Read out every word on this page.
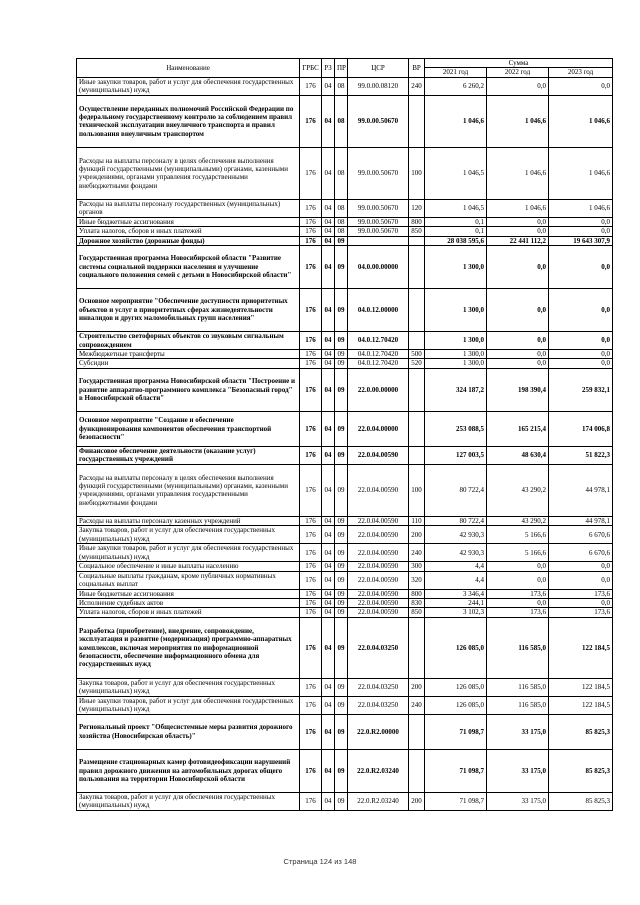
Наименование	ГРБС	РЗ	ПР	ЦСР	ВР	Сумма		
						2021 год	2022 год	2023 год
Иные закупки товаров, работ и услуг для обеспечения государственных (муниципальных) нужд	176	04	08	99.0.00.08120	240	6 260,2	0,0	0,0
Осуществление переданных полномочий Российской Федерации по федеральному государственному контролю за соблюдением правил технической эксплуатации внеуличного транспорта и правил пользования внеуличным транспортом	176	04	08	99.0.00.50670		1 046,6	1 046,6	1 046,6
Расходы на выплаты персоналу в целях обеспечения выполнения функций государственными (муниципальными) органами, казенными учреждениями, органами управления государственными внебюджетными фондами	176	04	08	99.0.00.50670	100	1 046,5	1 046,6	1 046,6
Расходы на выплаты персоналу государственных (муниципальных) органов	176	04	08	99.0.00.50670	120	1 046,5	1 046,6	1 046,6
Иные бюджетные ассигнования	176	04	08	99.0.00.50670	800	0,1	0,0	0,0
Уплата налогов, сборов и иных платежей	176	04	08	99.0.00.50670	850	0,1	0,0	0,0
Дорожное хозяйство (дорожные фонды)	176	04	09			28 038 595,6	22 441 112,2	19 643 307,9
Государственная программа Новосибирской области "Развитие системы социальной поддержки населения и улучшение социального положения семей с детьми в Новосибирской области"	176	04	09	04.0.00.00000		1 300,0	0,0	0,0
Основное мероприятие "Обеспечение доступности приоритетных объектов и услуг в приоритетных сферах жизнедеятельности инвалидов и других маломобильных групп населения"	176	04	09	04.0.12.00000		1 300,0	0,0	0,0
Строительство светофорных объектов со звуковым сигнальным сопровождением	176	04	09	04.0.12.70420		1 300,0	0,0	0,0
Межбюджетные трансферты	176	04	09	04.0.12.70420	500	1 300,0	0,0	0,0
Субсидии	176	04	09	04.0.12.70420	520	1 300,0	0,0	0,0
Государственная программа Новосибирской области "Построение и развитие аппаратно-программного комплекса "Безопасный город" в Новосибирской области"	176	04	09	22.0.00.00000		324 187,2	198 390,4	259 832,1
Основное мероприятие "Создание и обеспечение функционирования компонентов обеспечения транспортной безопасности"	176	04	09	22.0.04.00000		253 088,5	165 215,4	174 006,8
Финансовое обеспечение деятельности (оказание услуг) государственных учреждений	176	04	09	22.0.04.00590		127 003,5	48 630,4	51 822,3
Расходы на выплаты персоналу в целях обеспечения выполнения функций государственными (муниципальными) органами, казенными учреждениями, органами управления государственными внебюджетными фондами	176	04	09	22.0.04.00590	100	80 722,4	43 290,2	44 978,1
Расходы на выплаты персоналу казенных учреждений	176	04	09	22.0.04.00590	110	80 722,4	43 290,2	44 978,1
Закупка товаров, работ и услуг для обеспечения государственных (муниципальных) нужд	176	04	09	22.0.04.00590	200	42 930,3	5 166,6	6 670,6
Иные закупки товаров, работ и услуг для обеспечения государственных (муниципальных) нужд	176	04	09	22.0.04.00590	240	42 930,3	5 166,6	6 670,6
Социальное обеспечение и иные выплаты населению	176	04	09	22.0.04.00590	300	4,4	0,0	0,0
Социальные выплаты гражданам, кроме публичных нормативных социальных выплат	176	04	09	22.0.04.00590	320	4,4	0,0	0,0
Иные бюджетные ассигнования	176	04	09	22.0.04.00590	800	3 346,4	173,6	173,6
Исполнение судебных актов	176	04	09	22.0.04.00590	830	244,1	0,0	0,0
Уплата налогов, сборов и иных платежей	176	04	09	22.0.04.00590	850	3 102,3	173,6	173,6
Разработка (приобретение), внедрение, сопровождение, эксплуатация и развитие (модернизация) программно-аппаратных комплексов, включая мероприятия по информационной безопасности, обеспечение информационного обмена для государственных нужд	176	04	09	22.0.04.03250		126 085,0	116 585,0	122 184,5
Закупка товаров, работ и услуг для обеспечения государственных (муниципальных) нужд	176	04	09	22.0.04.03250	200	126 085,0	116 585,0	122 184,5
Иные закупки товаров, работ и услуг для обеспечения государственных (муниципальных) нужд	176	04	09	22.0.04.03250	240	126 085,0	116 585,0	122 184,5
Региональный проект "Общесистемные меры развития дорожного хозяйства (Новосибирская область)"	176	04	09	22.0.R2.00000		71 098,7	33 175,0	85 825,3
Размещение стационарных камер фотовидеофиксации нарушений правил дорожного движения на автомобильных дорогах общего пользования на территории Новосибирской области	176	04	09	22.0.R2.03240		71 098,7	33 175,0	85 825,3
Закупка товаров, работ и услуг для обеспечения государственных (муниципальных) нужд	176	04	09	22.0.R2.03240	200	71 098,7	33 175,0	85 825,3
Страница 124 из 148
